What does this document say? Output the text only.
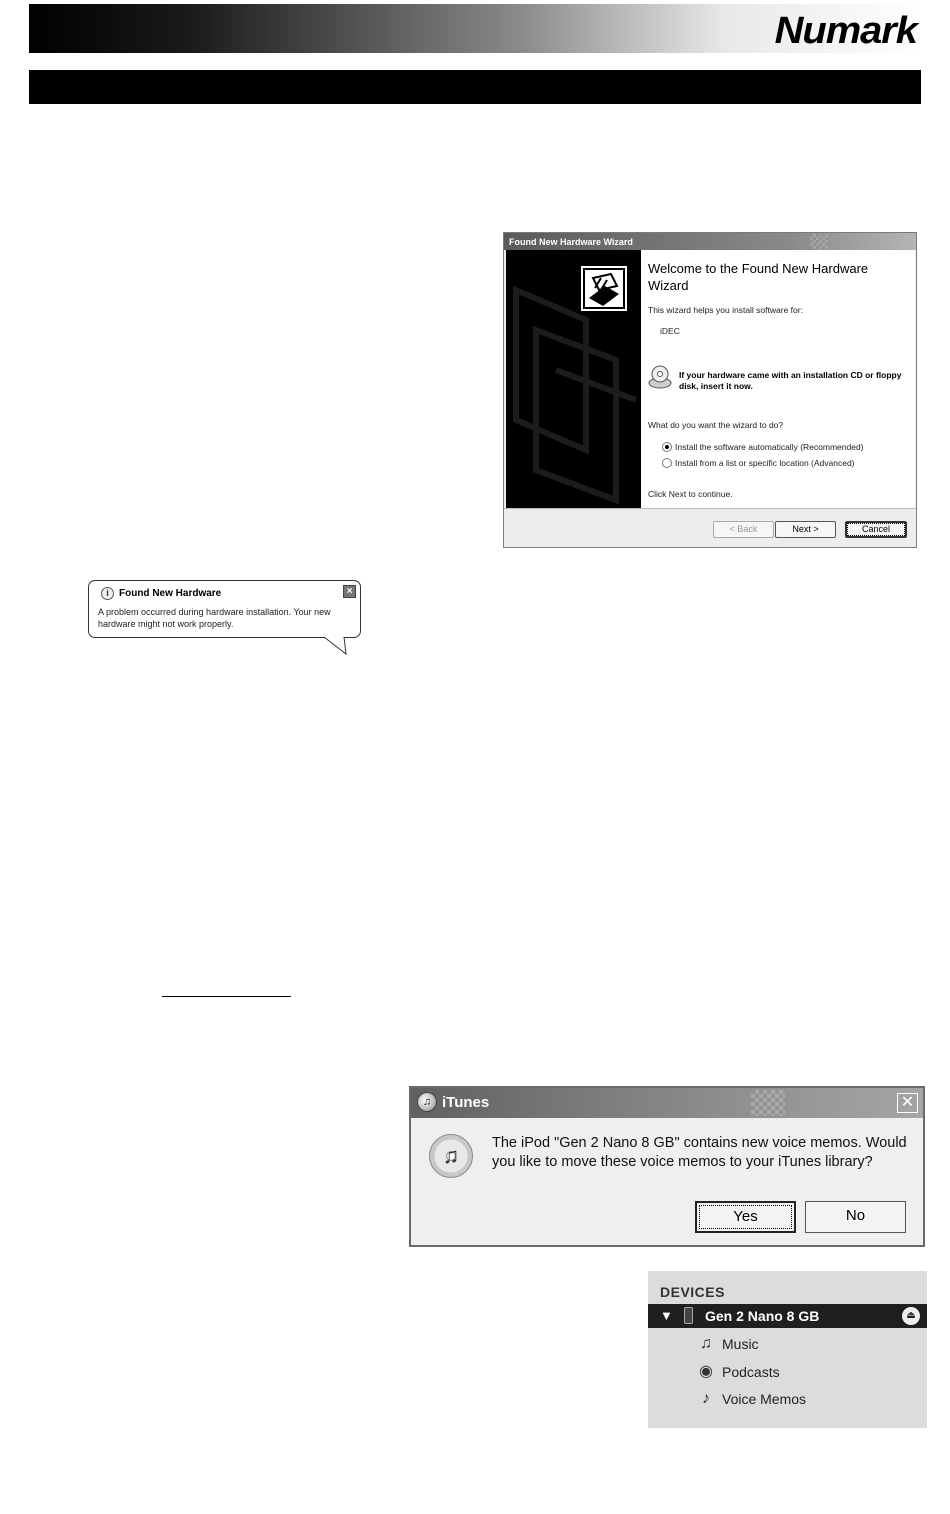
Numark
Found New Hardware Wizard
Welcome to the Found New Hardware Wizard
This wizard helps you install software for:
iDEC
If your hardware came with an installation CD or floppy disk, insert it now.
What do you want the wizard to do?
Install the software automatically (Recommended)
Install from a list or specific location (Advanced)
Click Next to continue.
< Back	Next >	Cancel
i	Found New Hardware	×
A problem occurred during hardware installation. Your new hardware might not work properly.
♫ iTunes	✕
♫	The iPod "Gen 2 Nano 8 GB" contains new voice memos. Would you like to move these voice memos to your iTunes library?
Yes	No
DEVICES
▼ Gen 2 Nano 8 GB	⏏
♫ Music
◉ Podcasts
♪ Voice Memos
